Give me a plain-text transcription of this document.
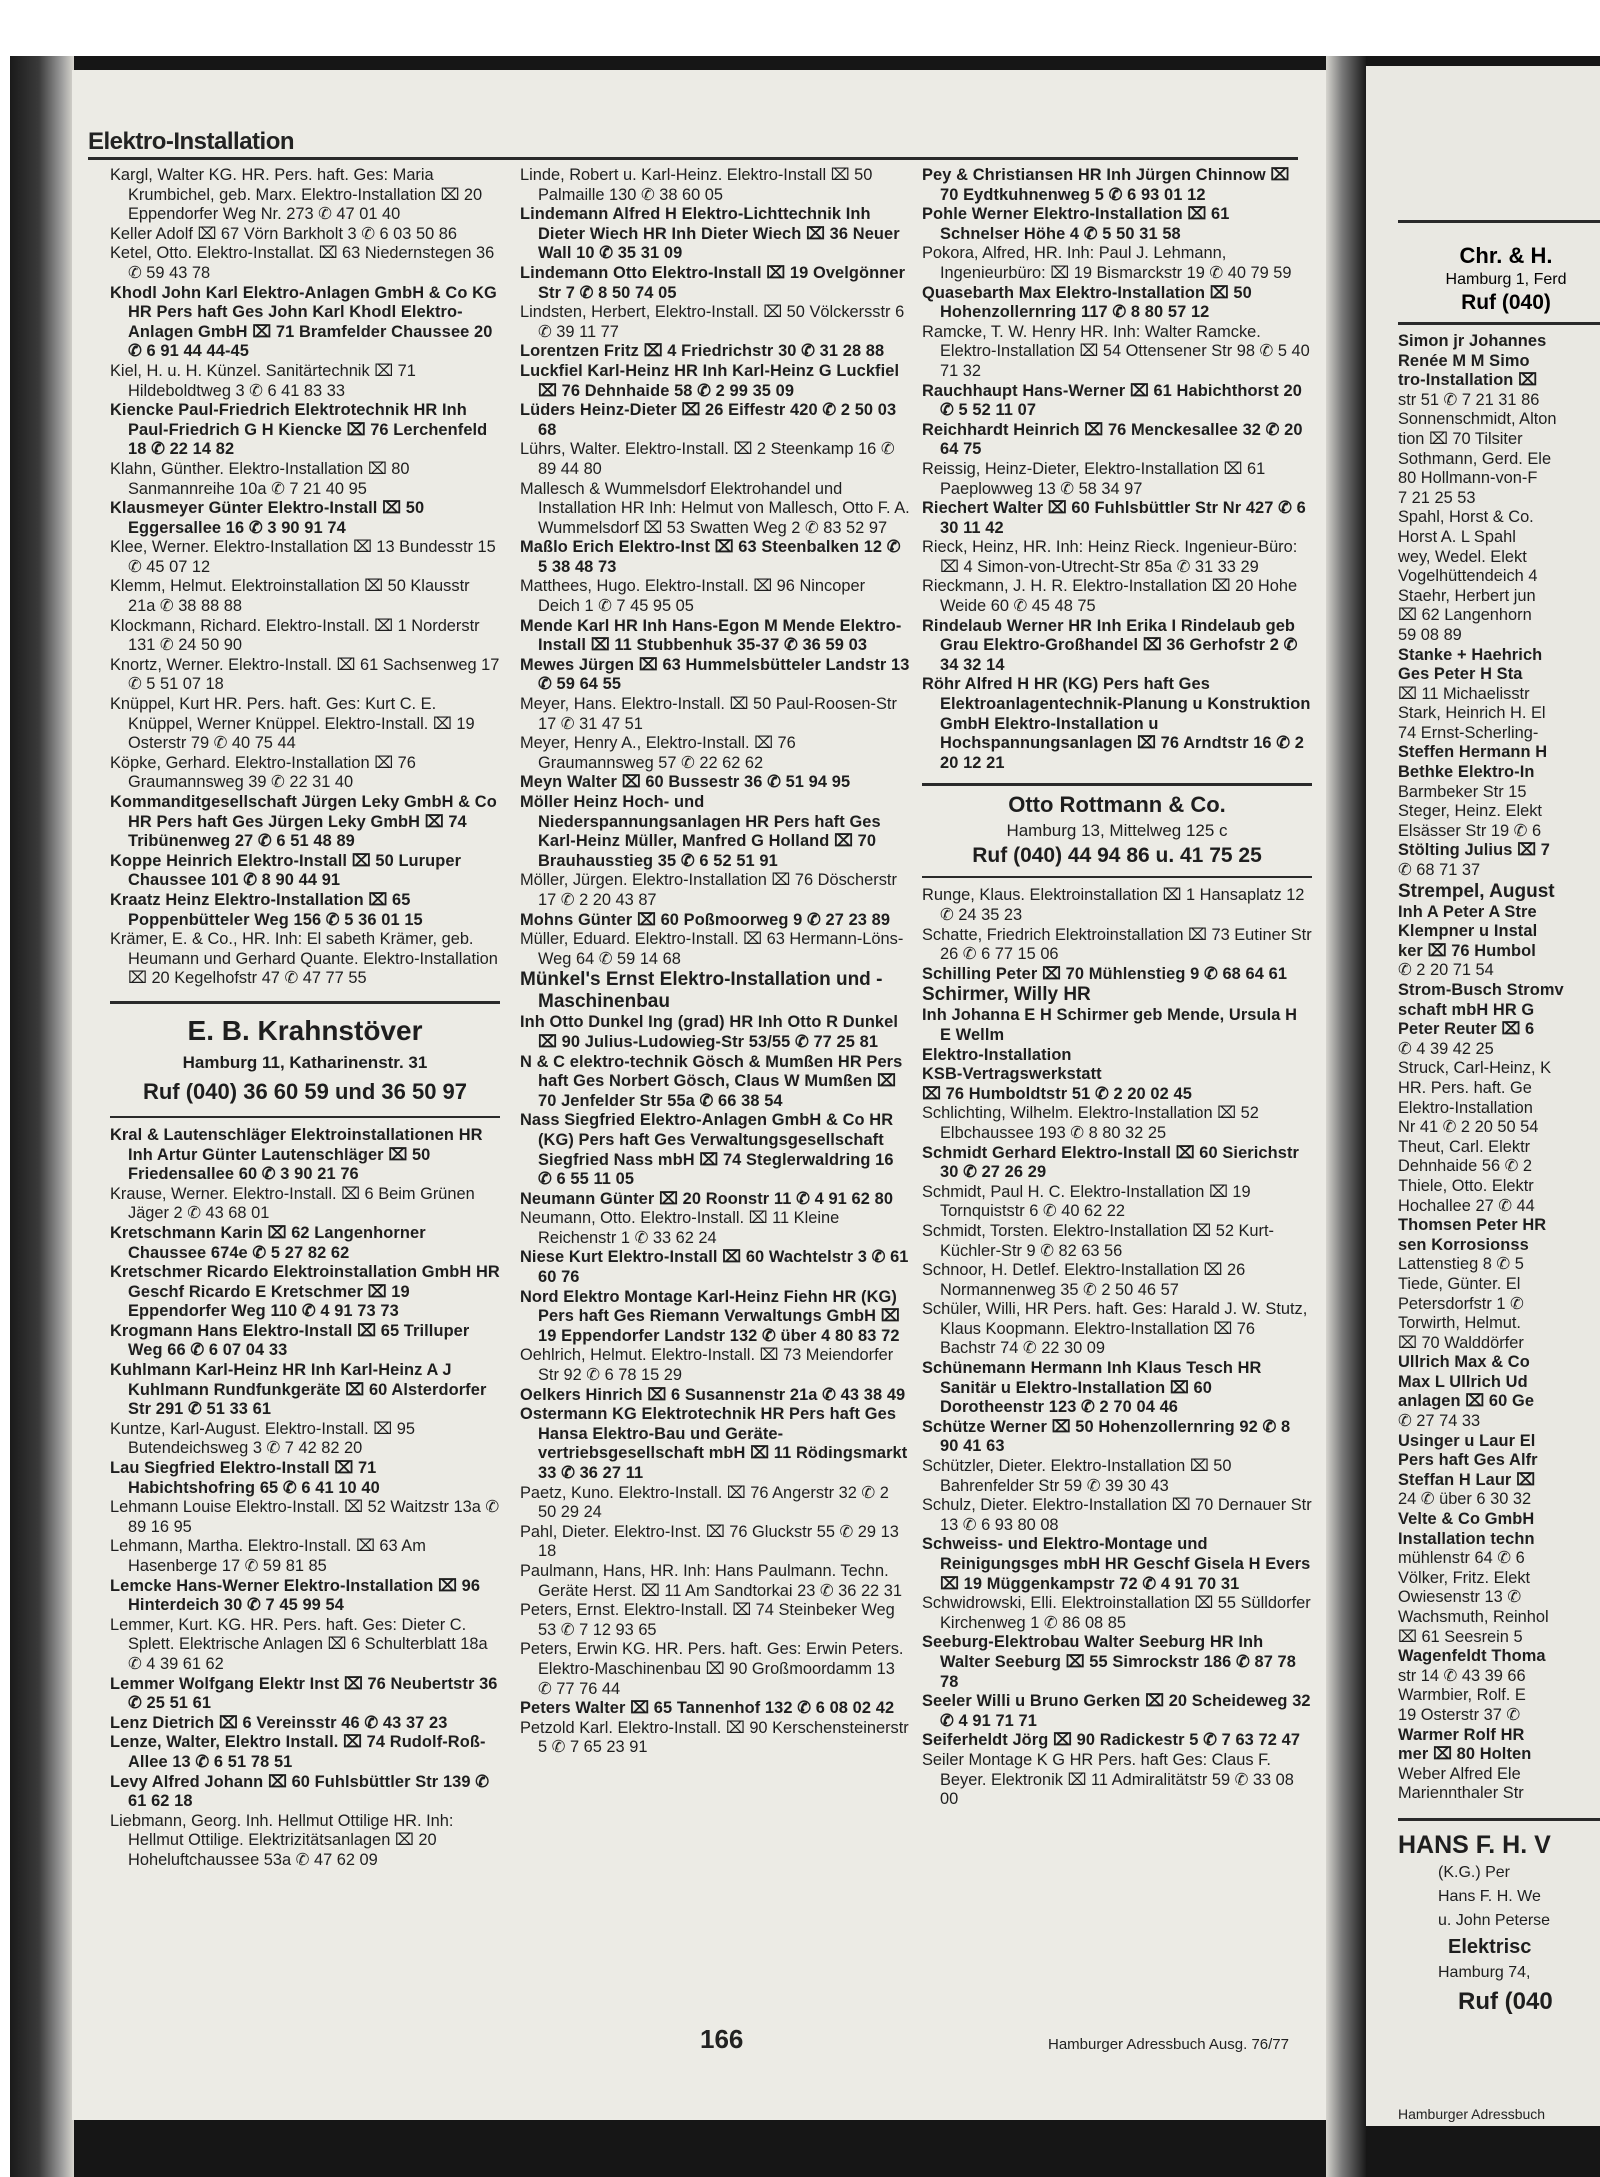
Elektro-Installation

Kargl, Walter KG. HR. Pers. haft. Ges: Maria Krumbichel, geb. Marx. Elektro-Installation ⌧ 20 Eppendorfer Weg Nr. 273 ✆ 47 01 40

Keller Adolf ⌧ 67 Vörn Barkholt 3 ✆ 6 03 50 86

Ketel, Otto. Elektro-Installat. ⌧ 63 Niedernstegen 36 ✆ 59 43 78

Khodl John Karl Elektro-Anlagen GmbH & Co KG HR Pers haft Ges John Karl Khodl Elektro-Anlagen GmbH ⌧ 71 Bramfelder Chaussee 20 ✆ 6 91 44 44-45

Kiel, H. u. H. Künzel. Sanitärtechnik ⌧ 71 Hildeboldtweg 3 ✆ 6 41 83 33

Kiencke Paul-Friedrich Elektrotechnik HR Inh Paul-Friedrich G H Kiencke ⌧ 76 Lerchenfeld 18 ✆ 22 14 82

Klahn, Günther. Elektro-Installation ⌧ 80 Sanmannreihe 10a ✆ 7 21 40 95

Klausmeyer Günter Elektro-Install ⌧ 50 Eggersallee 16 ✆ 3 90 91 74

Klee, Werner. Elektro-Installation ⌧ 13 Bundesstr 15 ✆ 45 07 12

Klemm, Helmut. Elektroinstallation ⌧ 50 Klausstr 21a ✆ 38 88 88

Klockmann, Richard. Elektro-Install. ⌧ 1 Norderstr 131 ✆ 24 50 90

Knortz, Werner. Elektro-Install. ⌧ 61 Sachsenweg 17 ✆ 5 51 07 18

Knüppel, Kurt HR. Pers. haft. Ges: Kurt C. E. Knüppel, Werner Knüppel. Elektro-Install. ⌧ 19 Osterstr 79 ✆ 40 75 44

Köpke, Gerhard. Elektro-Installation ⌧ 76 Graumannsweg 39 ✆ 22 31 40

Kommanditgesellschaft Jürgen Leky GmbH & Co HR Pers haft Ges Jürgen Leky GmbH ⌧ 74 Tribünenweg 27 ✆ 6 51 48 89

Koppe Heinrich Elektro-Install ⌧ 50 Luruper Chaussee 101 ✆ 8 90 44 91

Kraatz Heinz Elektro-Installation ⌧ 65 Poppenbütteler Weg 156 ✆ 5 36 01 15

Krämer, E. & Co., HR. Inh: El sabeth Krämer, geb. Heumann und Gerhard Quante. Elektro-Installation ⌧ 20 Kegelhofstr 47 ✆ 47 77 55

E. B. Krahnstöver
Hamburg 11, Katharinenstr. 31
Ruf (040) 36 60 59 und 36 50 97

Kral & Lautenschläger Elektroinstallationen HR Inh Artur Günter Lautenschläger ⌧ 50 Friedensallee 60 ✆ 3 90 21 76

Krause, Werner. Elektro-Install. ⌧ 6 Beim Grünen Jäger 2 ✆ 43 68 01

Kretschmann Karin ⌧ 62 Langenhorner Chaussee 674e ✆ 5 27 82 62

Kretschmer Ricardo Elektroinstallation GmbH HR Geschf Ricardo E Kretschmer ⌧ 19 Eppendorfer Weg 110 ✆ 4 91 73 73

Krogmann Hans Elektro-Install ⌧ 65 Trilluper Weg 66 ✆ 6 07 04 33

Kuhlmann Karl-Heinz HR Inh Karl-Heinz A J Kuhlmann Rundfunkgeräte ⌧ 60 Alsterdorfer Str 291 ✆ 51 33 61

Kuntze, Karl-August. Elektro-Install. ⌧ 95 Butendeichsweg 3 ✆ 7 42 82 20

Lau Siegfried Elektro-Install ⌧ 71 Habichtshofring 65 ✆ 6 41 10 40

Lehmann Louise Elektro-Install. ⌧ 52 Waitzstr 13a ✆ 89 16 95

Lehmann, Martha. Elektro-Install. ⌧ 63 Am Hasenberge 17 ✆ 59 81 85

Lemcke Hans-Werner Elektro-Installation ⌧ 96 Hinterdeich 30 ✆ 7 45 99 54

Lemmer, Kurt. KG. HR. Pers. haft. Ges: Dieter C. Splett. Elektrische Anlagen ⌧ 6 Schulterblatt 18a ✆ 4 39 61 62

Lemmer Wolfgang Elektr Inst ⌧ 76 Neubertstr 36 ✆ 25 51 61

Lenz Dietrich ⌧ 6 Vereinsstr 46 ✆ 43 37 23

Lenze, Walter, Elektro Install. ⌧ 74 Rudolf-Roß-Allee 13 ✆ 6 51 78 51

Levy Alfred Johann ⌧ 60 Fuhlsbüttler Str 139 ✆ 61 62 18

Liebmann, Georg. Inh. Hellmut Ottilige HR. Inh: Hellmut Ottilige. Elektrizitätsanlagen ⌧ 20 Hoheluftchaussee 53a ✆ 47 62 09

Linde, Robert u. Karl-Heinz. Elektro-Install ⌧ 50 Palmaille 130 ✆ 38 60 05

Lindemann Alfred H Elektro-Lichttechnik Inh Dieter Wiech HR Inh Dieter Wiech ⌧ 36 Neuer Wall 10 ✆ 35 31 09

Lindemann Otto Elektro-Install ⌧ 19 Ovelgönner Str 7 ✆ 8 50 74 05

Lindsten, Herbert, Elektro-Install. ⌧ 50 Völckersstr 6 ✆ 39 11 77

Lorentzen Fritz ⌧ 4 Friedrichstr 30 ✆ 31 28 88

Luckfiel Karl-Heinz HR Inh Karl-Heinz G Luckfiel ⌧ 76 Dehnhaide 58 ✆ 2 99 35 09

Lüders Heinz-Dieter ⌧ 26 Eiffestr 420 ✆ 2 50 03 68

Lührs, Walter. Elektro-Install. ⌧ 2 Steenkamp 16 ✆ 89 44 80

Mallesch & Wummelsdorf Elektrohandel und Installation HR Inh: Helmut von Mallesch, Otto F. A. Wummelsdorf ⌧ 53 Swatten Weg 2 ✆ 83 52 97

Maßlo Erich Elektro-Inst ⌧ 63 Steenbalken 12 ✆ 5 38 48 73

Matthees, Hugo. Elektro-Install. ⌧ 96 Nincoper Deich 1 ✆ 7 45 95 05

Mende Karl HR Inh Hans-Egon M Mende Elektro-Install ⌧ 11 Stubbenhuk 35-37 ✆ 36 59 03

Mewes Jürgen ⌧ 63 Hummelsbütteler Landstr 13 ✆ 59 64 55

Meyer, Hans. Elektro-Install. ⌧ 50 Paul-Roosen-Str 17 ✆ 31 47 51

Meyer, Henry A., Elektro-Install. ⌧ 76 Graumannsweg 57 ✆ 22 62 62

Meyn Walter ⌧ 60 Bussestr 36 ✆ 51 94 95

Möller Heinz Hoch- und Niederspannungsanlagen HR Pers haft Ges Karl-Heinz Müller, Manfred G Holland ⌧ 70 Brauhausstieg 35 ✆ 6 52 51 91

Möller, Jürgen. Elektro-Installation ⌧ 76 Döscherstr 17 ✆ 2 20 43 87

Mohns Günter ⌧ 60 Poßmoorweg 9 ✆ 27 23 89

Müller, Eduard. Elektro-Install. ⌧ 63 Hermann-Löns-Weg 64 ✆ 59 14 68

Münkel's Ernst Elektro-Installation und -Maschinenbau

Inh Otto Dunkel Ing (grad) HR Inh Otto R Dunkel ⌧ 90 Julius-Ludowieg-Str 53/55 ✆ 77 25 81

N & C elektro-technik Gösch & Mumßen HR Pers haft Ges Norbert Gösch, Claus W Mumßen ⌧ 70 Jenfelder Str 55a ✆ 66 38 54

Nass Siegfried Elektro-Anlagen GmbH & Co HR (KG) Pers haft Ges Verwaltungsgesellschaft Siegfried Nass mbH ⌧ 74 Steglerwaldring 16 ✆ 6 55 11 05

Neumann Günter ⌧ 20 Roonstr 11 ✆ 4 91 62 80

Neumann, Otto. Elektro-Install. ⌧ 11 Kleine Reichenstr 1 ✆ 33 62 24

Niese Kurt Elektro-Install ⌧ 60 Wachtelstr 3 ✆ 61 60 76

Nord Elektro Montage Karl-Heinz Fiehn HR (KG) Pers haft Ges Riemann Verwaltungs GmbH ⌧ 19 Eppendorfer Landstr 132 ✆ über 4 80 83 72

Oehlrich, Helmut. Elektro-Install. ⌧ 73 Meiendorfer Str 92 ✆ 6 78 15 29

Oelkers Hinrich ⌧ 6 Susannenstr 21a ✆ 43 38 49

Ostermann KG Elektrotechnik HR Pers haft Ges Hansa Elektro-Bau und Gerätevertriebsgesellschaft mbH ⌧ 11 Rödingsmarkt 33 ✆ 36 27 11

Paetz, Kuno. Elektro-Install. ⌧ 76 Angerstr 32 ✆ 2 50 29 24

Pahl, Dieter. Elektro-Inst. ⌧ 76 Gluckstr 55 ✆ 29 13 18

Paulmann, Hans, HR. Inh: Hans Paulmann. Techn. Geräte Herst. ⌧ 11 Am Sandtorkai 23 ✆ 36 22 31

Peters, Ernst. Elektro-Install. ⌧ 74 Steinbeker Weg 53 ✆ 7 12 93 65

Peters, Erwin KG. HR. Pers. haft. Ges: Erwin Peters. Elektro-Maschinenbau ⌧ 90 Großmoordamm 13 ✆ 77 76 44

Peters Walter ⌧ 65 Tannenhof 132 ✆ 6 08 02 42

Petzold Karl. Elektro-Install. ⌧ 90 Kerschensteinerstr 5 ✆ 7 65 23 91

Pey & Christiansen HR Inh Jürgen Chinnow ⌧ 70 Eydtkuhnenweg 5 ✆ 6 93 01 12

Pohle Werner Elektro-Installation ⌧ 61 Schnelser Höhe 4 ✆ 5 50 31 58

Pokora, Alfred, HR. Inh: Paul J. Lehmann, Ingenieurbüro: ⌧ 19 Bismarckstr 19 ✆ 40 79 59

Quasebarth Max Elektro-Installation ⌧ 50 Hohenzollernring 117 ✆ 8 80 57 12

Ramcke, T. W. Henry HR. Inh: Walter Ramcke. Elektro-Installation ⌧ 54 Ottensener Str 98 ✆ 5 40 71 32

Rauchhaupt Hans-Werner ⌧ 61 Habichthorst 20 ✆ 5 52 11 07

Reichhardt Heinrich ⌧ 76 Menckesallee 32 ✆ 20 64 75

Reissig, Heinz-Dieter, Elektro-Installation ⌧ 61 Paeplowweg 13 ✆ 58 34 97

Riechert Walter ⌧ 60 Fuhlsbüttler Str Nr 427 ✆ 6 30 11 42

Rieck, Heinz, HR. Inh: Heinz Rieck. Ingenieur-Büro: ⌧ 4 Simon-von-Utrecht-Str 85a ✆ 31 33 29

Rieckmann, J. H. R. Elektro-Installation ⌧ 20 Hohe Weide 60 ✆ 45 48 75

Rindelaub Werner HR Inh Erika I Rindelaub geb Grau Elektro-Großhandel ⌧ 36 Gerhofstr 2 ✆ 34 32 14

Röhr Alfred H HR (KG) Pers haft Ges Elektroanlagentechnik-Planung u Konstruktion GmbH Elektro-Installation u Hochspannungsanlagen ⌧ 76 Arndtstr 16 ✆ 2 20 12 21

Otto Rottmann & Co.
Hamburg 13, Mittelweg 125 c
Ruf (040) 44 94 86 u. 41 75 25

Runge, Klaus. Elektroinstallation ⌧ 1 Hansaplatz 12 ✆ 24 35 23

Schatte, Friedrich Elektroinstallation ⌧ 73 Eutiner Str 26 ✆ 6 77 15 06

Schilling Peter ⌧ 70 Mühlenstieg 9 ✆ 68 64 61

Schirmer, Willy HR

Inh Johanna E H Schirmer geb Mende, Ursula H E Wellm

Elektro-Installation

KSB-Vertragswerkstatt

⌧ 76 Humboldtstr 51 ✆ 2 20 02 45

Schlichting, Wilhelm. Elektro-Installation ⌧ 52 Elbchaussee 193 ✆ 8 80 32 25

Schmidt Gerhard Elektro-Install ⌧ 60 Sierichstr 30 ✆ 27 26 29

Schmidt, Paul H. C. Elektro-Installation ⌧ 19 Tornquiststr 6 ✆ 40 62 22

Schmidt, Torsten. Elektro-Installation ⌧ 52 Kurt-Küchler-Str 9 ✆ 82 63 56

Schnoor, H. Detlef. Elektro-Installation ⌧ 26 Normannenweg 35 ✆ 2 50 46 57

Schüler, Willi, HR Pers. haft. Ges: Harald J. W. Stutz, Klaus Koopmann. Elektro-Installation ⌧ 76 Bachstr 74 ✆ 22 30 09

Schünemann Hermann Inh Klaus Tesch HR Sanitär u Elektro-Installation ⌧ 60 Dorotheenstr 123 ✆ 2 70 04 46

Schütze Werner ⌧ 50 Hohenzollernring 92 ✆ 8 90 41 63

Schützler, Dieter. Elektro-Installation ⌧ 50 Bahrenfelder Str 59 ✆ 39 30 43

Schulz, Dieter. Elektro-Installation ⌧ 70 Dernauer Str 13 ✆ 6 93 80 08

Schweiss- und Elektro-Montage und Reinigungsges mbH HR Geschf Gisela H Evers ⌧ 19 Müggenkampstr 72 ✆ 4 91 70 31

Schwidrowski, Elli. Elektroinstallation ⌧ 55 Sülldorfer Kirchenweg 1 ✆ 86 08 85

Seeburg-Elektrobau Walter Seeburg HR Inh Walter Seeburg ⌧ 55 Simrockstr 186 ✆ 87 78 78

Seeler Willi u Bruno Gerken ⌧ 20 Scheideweg 32 ✆ 4 91 71 71

Seiferheldt Jörg ⌧ 90 Radickestr 5 ✆ 7 63 72 47

Seiler Montage K G HR Pers. haft Ges: Claus F. Beyer. Elektronik ⌧ 11 Admiralitätstr 59 ✆ 33 08 00

166	Hamburger Adressbuch Ausg. 76/77
Chr. & H.
Hamburg 1, Ferd
Ruf (040)

Simon jr Johannes

Renée M M Simo

tro-Installation ⌧

str 51 ✆ 7 21 31 86

Sonnenschmidt, Alton

tion ⌧ 70 Tilsiter

Sothmann, Gerd. Ele

80 Hollmann-von-F

7 21 25 53

Spahl, Horst & Co.

Horst A. L Spahl

wey, Wedel. Elekt

Vogelhüttendeich 4

Staehr, Herbert jun

⌧ 62 Langenhorn

59 08 89

Stanke + Haehrich

Ges Peter H Sta

⌧ 11 Michaelisstr

Stark, Heinrich H. El

74 Ernst-Scherling-

Steffen Hermann H

Bethke Elektro-In

Barmbeker Str 15

Steger, Heinz. Elekt

Elsässer Str 19 ✆ 6

Stölting Julius ⌧ 7

✆ 68 71 37

Strempel, August

Inh A Peter A Stre

Klempner u Instal

ker ⌧ 76 Humbol

✆ 2 20 71 54

Strom-Busch Stromv

schaft mbH HR G

Peter Reuter ⌧ 6

✆ 4 39 42 25

Struck, Carl-Heinz, K

HR. Pers. haft. Ge

Elektro-Installation

Nr 41 ✆ 2 20 50 54

Theut, Carl. Elektr

Dehnhaide 56 ✆ 2

Thiele, Otto. Elektr

Hochallee 27 ✆ 44

Thomsen Peter HR

sen Korrosionss

Lattenstieg 8 ✆ 5

Tiede, Günter. El

Petersdorfstr 1 ✆

Torwirth, Helmut.

⌧ 70 Walddörfer

Ullrich Max & Co

Max L Ullrich Ud

anlagen ⌧ 60 Ge

✆ 27 74 33

Usinger u Laur El

Pers haft Ges Alfr

Steffan H Laur ⌧

24 ✆ über 6 30 32

Velte & Co GmbH

Installation techn

mühlenstr 64 ✆ 6

Völker, Fritz. Elekt

Owiesenstr 13 ✆

Wachsmuth, Reinhol

⌧ 61 Seesrein 5

Wagenfeldt Thoma

str 14 ✆ 43 39 66

Warmbier, Rolf. E

19 Osterstr 37 ✆

Warmer Rolf HR

mer ⌧ 80 Holten

Weber Alfred Ele

Mariennthaler Str

HANS F. H. V
(K.G.) Per
Hans F. H. We
u. John Peterse
Elektrisc
Hamburg 74,
Ruf (040
Hamburger Adressbuch
